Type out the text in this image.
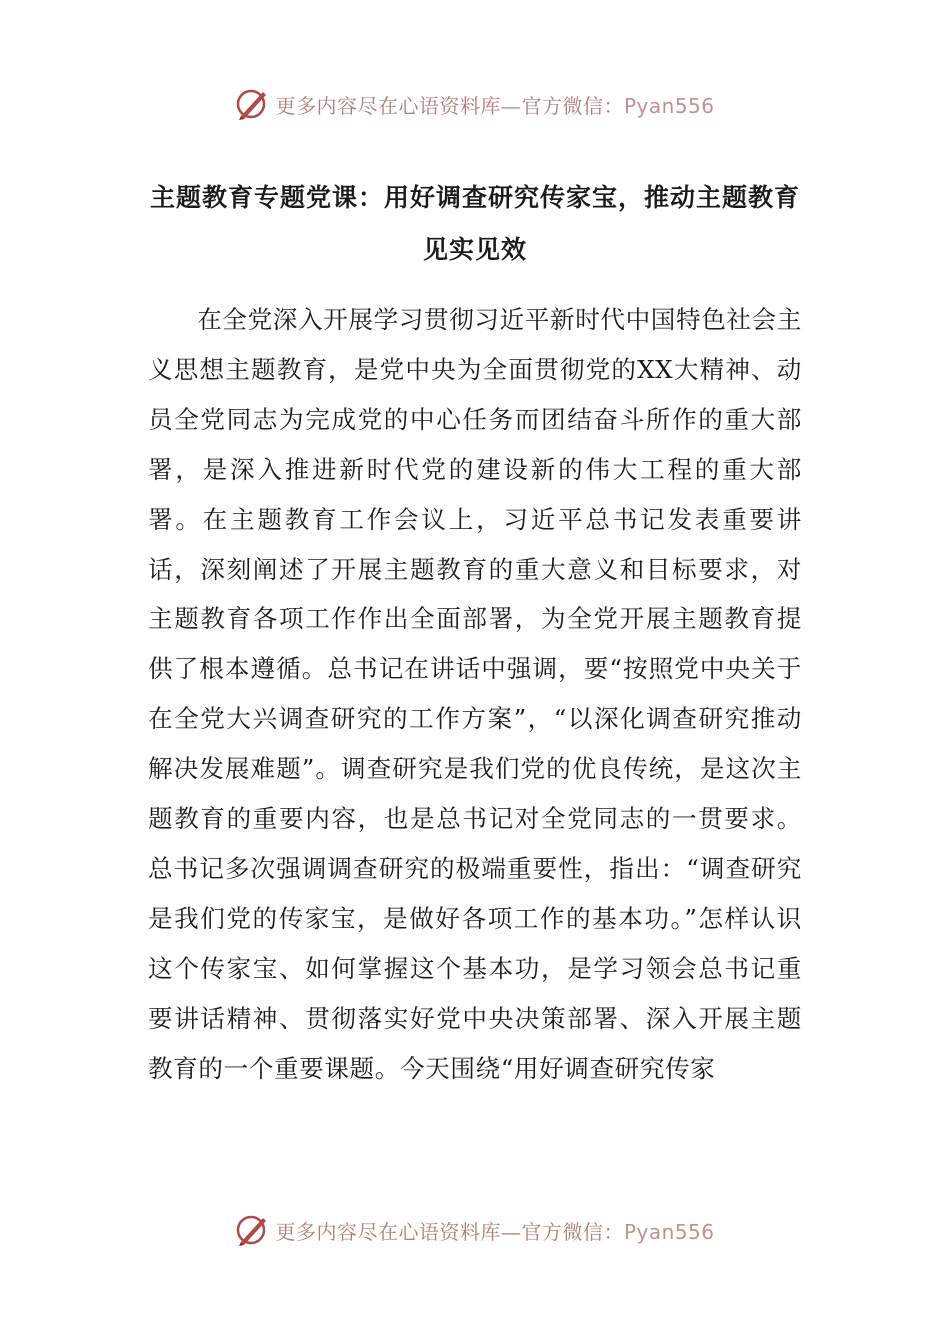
更多内容尽在心语资料库—官方微信：Pyan556
主题教育专题党课：用好调查研究传家宝，推动主题教育见实见效

在全党深入开展学习贯彻习近平新时代中国特色社会主义思想主题教育，是党中央为全面贯彻党的XX大精神、动员全党同志为完成党的中心任务而团结奋斗所作的重大部署，是深入推进新时代党的建设新的伟大工程的重大部署。在主题教育工作会议上，习近平总书记发表重要讲话，深刻阐述了开展主题教育的重大意义和目标要求，对主题教育各项工作作出全面部署，为全党开展主题教育提供了根本遵循。总书记在讲话中强调，要“按照党中央关于在全党大兴调查研究的工作方案”，“以深化调查研究推动解决发展难题”。调查研究是我们党的优良传统，是这次主题教育的重要内容，也是总书记对全党同志的一贯要求。总书记多次强调调查研究的极端重要性，指出：“调查研究是我们党的传家宝，是做好各项工作的基本功。”怎样认识这个传家宝、如何掌握这个基本功，是学习领会总书记重要讲话精神、贯彻落实好党中央决策部署、深入开展主题教育的一个重要课题。今天围绕“用好调查研究传家

更多内容尽在心语资料库—官方微信：Pyan556
